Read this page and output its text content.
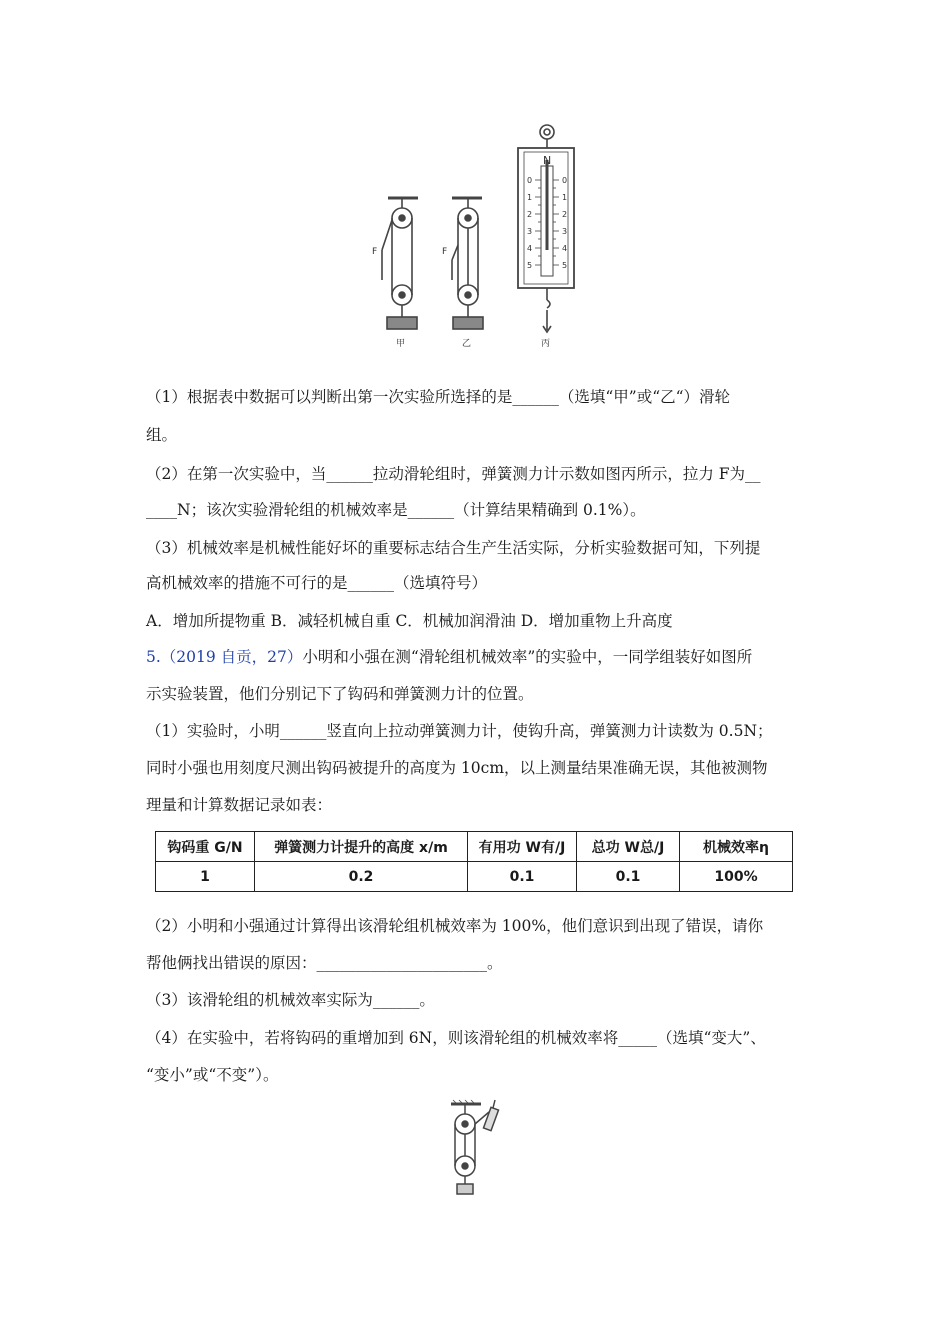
N
0
1
2
3
4
5
0
1
2
3
4
5
F	F
甲	乙	丙
（1）根据表中数据可以判断出第一次实验所选择的是______（选填“甲”或“乙“）滑轮
组。
（2）在第一次实验中，当______拉动滑轮组时，弹簧测力计示数如图丙所示，拉力 F为__
____N；该次实验滑轮组的机械效率是______（计算结果精确到 0.1%）。
（3）机械效率是机械性能好坏的重要标志结合生产生活实际，分析实验数据可知，下列提
高机械效率的措施不可行的是______（选填符号）
A．增加所提物重 B．减轻机械自重 C．机械加润滑油 D．增加重物上升高度
5.（2019 自贡，27）小明和小强在测“滑轮组机械效率”的实验中，一同学组装好如图所
示实验装置，他们分别记下了钩码和弹簧测力计的位置。
（1）实验时，小明______竖直向上拉动弹簧测力计，使钩升高，弹簧测力计读数为 0.5N；
同时小强也用刻度尺测出钩码被提升的高度为 10cm，以上测量结果准确无误，其他被测物
理量和计算数据记录如表：
钩码重 G/N	弹簧测力计提升的高度 x/m	有用功 W有/J	总功 W总/J	机械效率η
1	0.2	0.1	0.1	100%
（2）小明和小强通过计算得出该滑轮组机械效率为 100%，他们意识到出现了错误，请你
帮他俩找出错误的原因：______________________。
（3）该滑轮组的机械效率实际为______。
（4）在实验中，若将钩码的重增加到 6N，则该滑轮组的机械效率将_____（选填“变大”、
“变小”或“不变”）。
